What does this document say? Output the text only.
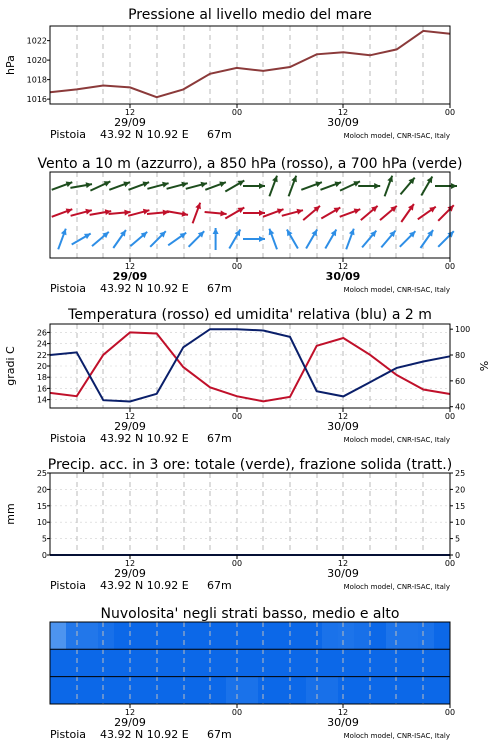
Pressione al livello medio del mare
1016
1018
1020
1022
hPa
12	00	12	00
Vento a 10 m (azzurro), a 850 hPa (rosso), a 700 hPa (verde)
12	00	12	00
Temperatura (rosso) ed umidita' relativa (blu) a 2 m
14
16
18
20
22
24
26
40
60
80
100
gradi C	%
12	00	12	00
Precip. acc. in 3 ore: totale (verde), frazione solida (tratt.)
0
5
10
15
20
25
0
5
10
15
20
25
mm
12	00	12	00
Nuvolosita' negli strati basso, medio e alto
12	00	12	00
29/09	30/09
Pistoia 43.92 N 10.92 E 67m	Moloch model, CNR-ISAC, Italy
29/09	30/09
Pistoia 43.92 N 10.92 E 67m	Moloch model, CNR-ISAC, Italy
29/09	30/09
Pistoia 43.92 N 10.92 E 67m	Moloch model, CNR-ISAC, Italy
29/09	30/09
Pistoia 43.92 N 10.92 E 67m	Moloch model, CNR-ISAC, Italy
29/09	30/09
Pistoia 43.92 N 10.92 E 67m	Moloch model, CNR-ISAC, Italy
